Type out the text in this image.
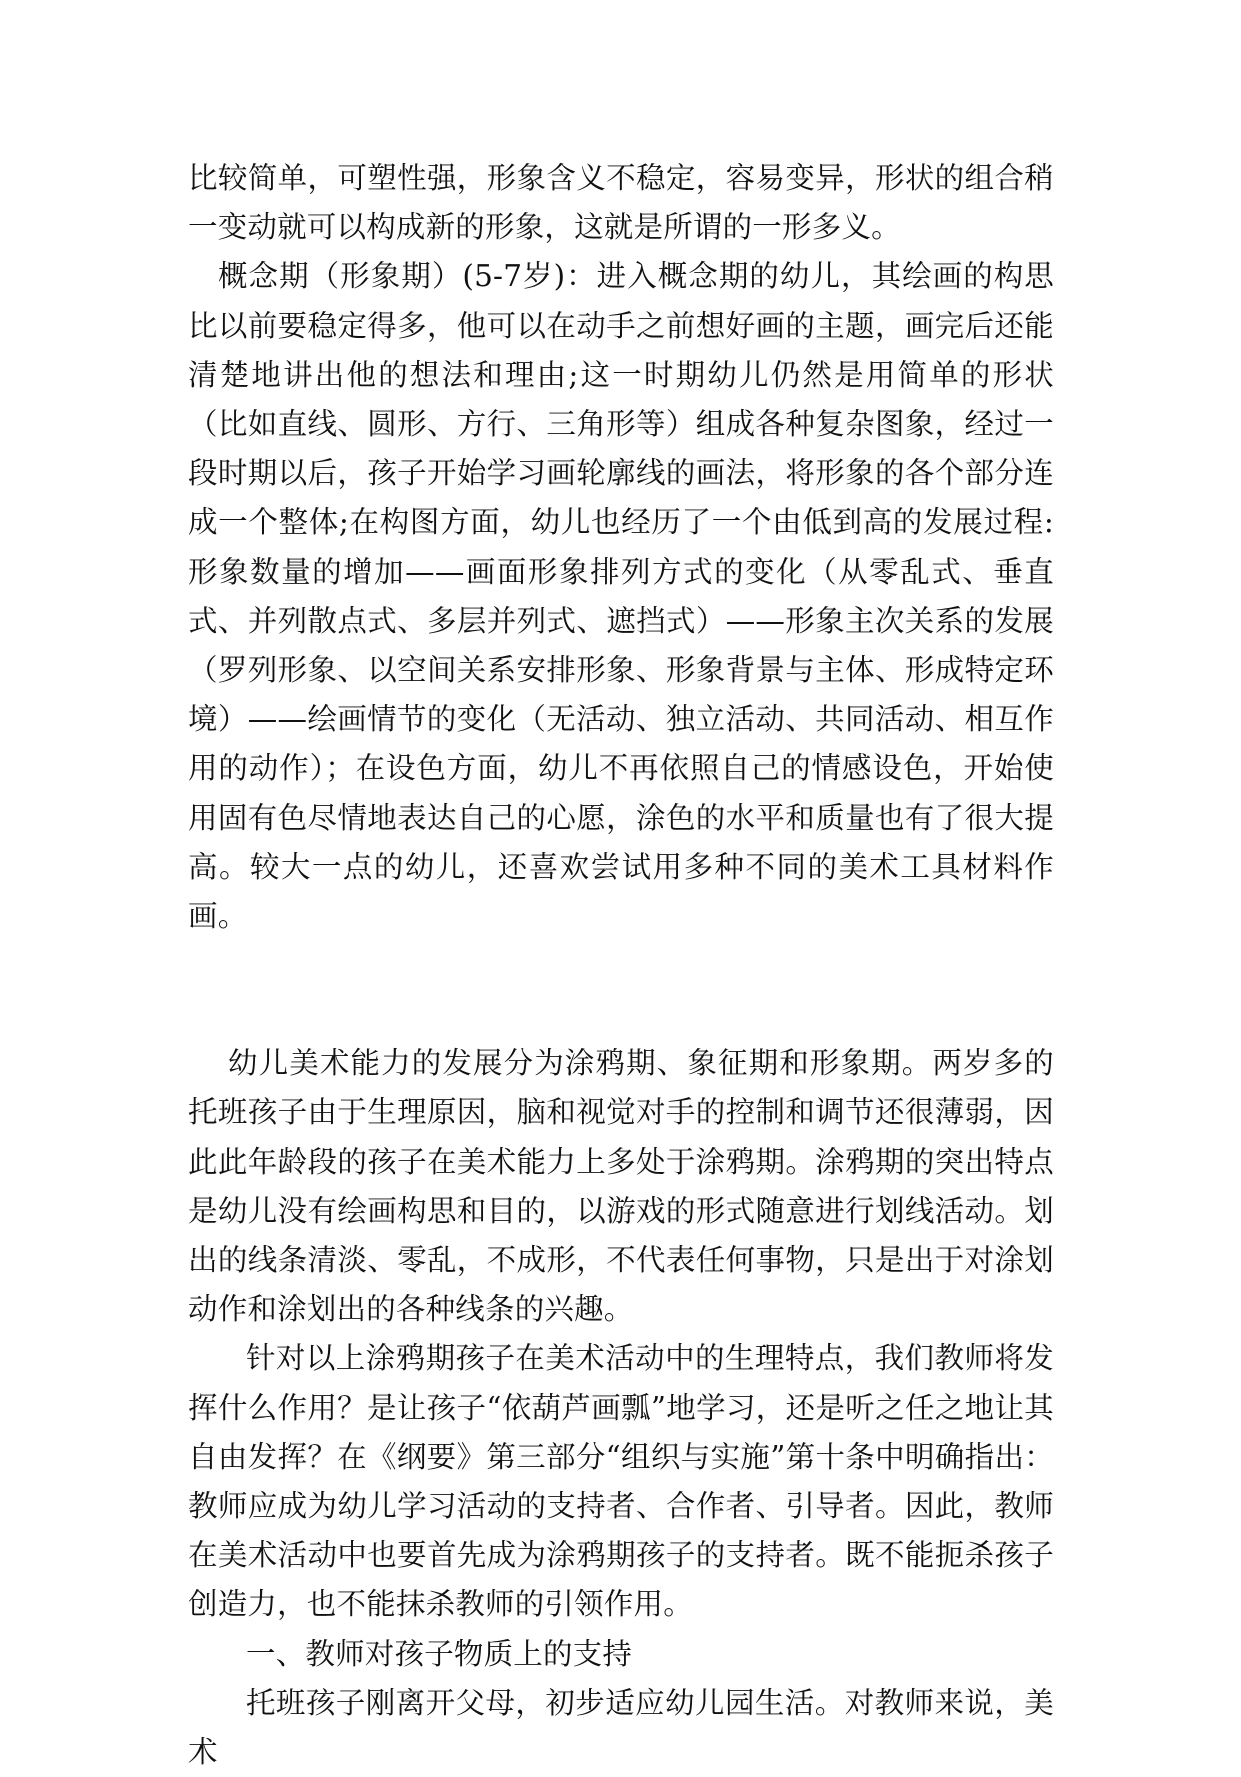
比较简单，可塑性强，形象含义不稳定，容易变异，形状的组合稍一变动就可以构成新的形象，这就是所谓的一形多义。

概念期（形象期）(5-7岁)：进入概念期的幼儿，其绘画的构思比以前要稳定得多，他可以在动手之前想好画的主题，画完后还能清楚地讲出他的想法和理由;这一时期幼儿仍然是用简单的形状（比如直线、圆形、方行、三角形等）组成各种复杂图象，经过一段时期以后，孩子开始学习画轮廓线的画法，将形象的各个部分连成一个整体;在构图方面，幼儿也经历了一个由低到高的发展过程:形象数量的增加——画面形象排列方式的变化（从零乱式、垂直式、并列散点式、多层并列式、遮挡式）——形象主次关系的发展（罗列形象、以空间关系安排形象、形象背景与主体、形成特定环境）——绘画情节的变化（无活动、独立活动、共同活动、相互作用的动作）；在设色方面，幼儿不再依照自己的情感设色，开始使用固有色尽情地表达自己的心愿，涂色的水平和质量也有了很大提高。较大一点的幼儿，还喜欢尝试用多种不同的美术工具材料作画。

幼儿美术能力的发展分为涂鸦期、象征期和形象期。两岁多的托班孩子由于生理原因，脑和视觉对手的控制和调节还很薄弱，因此此年龄段的孩子在美术能力上多处于涂鸦期。涂鸦期的突出特点是幼儿没有绘画构思和目的，以游戏的形式随意进行划线活动。划出的线条清淡、零乱，不成形，不代表任何事物，只是出于对涂划动作和涂划出的各种线条的兴趣。

针对以上涂鸦期孩子在美术活动中的生理特点，我们教师将发挥什么作用？是让孩子“依葫芦画瓢”地学习，还是听之任之地让其自由发挥？在《纲要》第三部分“组织与实施”第十条中明确指出：教师应成为幼儿学习活动的支持者、合作者、引导者。因此，教师在美术活动中也要首先成为涂鸦期孩子的支持者。既不能扼杀孩子创造力，也不能抹杀教师的引领作用。

一、教师对孩子物质上的支持

托班孩子刚离开父母，初步适应幼儿园生活。对教师来说，美术
